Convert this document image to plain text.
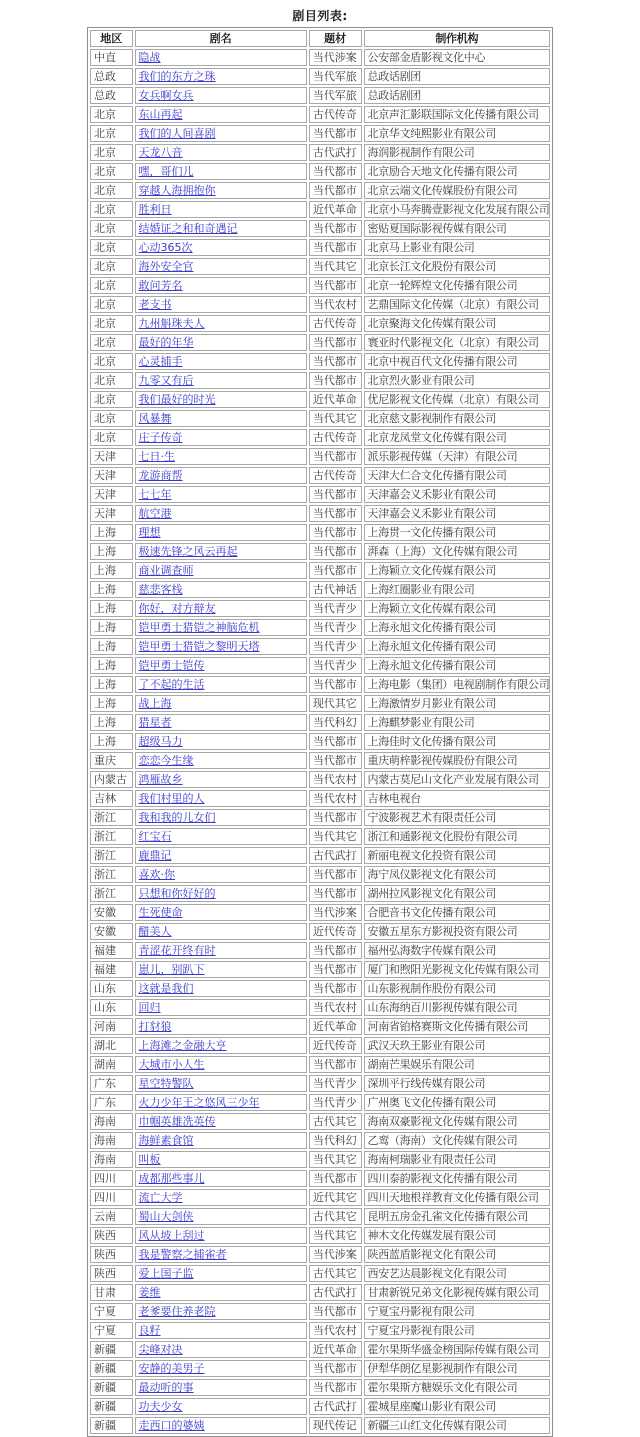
剧目列表:
地区	剧名	题材	制作机构
中直	隐战	当代涉案	公安部金盾影视文化中心
总政	我们的东方之珠	当代军旅	总政话剧团
总政	女兵啊女兵	当代军旅	总政话剧团
北京	东山再起	古代传奇	北京声汇影联国际文化传播有限公司
北京	我们的人间喜剧	当代都市	北京华文纯熙影业有限公司
北京	天龙八音	古代武打	海润影视制作有限公司
北京	嘿，哥们儿	当代都市	北京励合天地文化传播有限公司
北京	穿越人海拥抱你	当代都市	北京云端文化传媒股份有限公司
北京	胜利日	近代革命	北京小马奔腾壹影视文化发展有限公司
北京	结婚证之和和奇遇记	当代都市	密贴夏国际影视传媒有限公司
北京	心动365次	当代都市	北京马上影业有限公司
北京	海外安全官	当代其它	北京长江文化股份有限公司
北京	敢问芳名	当代都市	北京一轮辉煌文化传播有限公司
北京	老支书	当代农村	艺鼎国际文化传媒（北京）有限公司
北京	九州斛珠夫人	古代传奇	北京聚海文化传媒有限公司
北京	最好的年华	当代都市	寰亚时代影视文化（北京）有限公司
北京	心灵捕手	当代都市	北京中视百代文化传播有限公司
北京	九零又有后	当代都市	北京烈火影业有限公司
北京	我们最好的时光	近代革命	优尼影视文化传媒（北京）有限公司
北京	风暴舞	当代其它	北京慈文影视制作有限公司
北京	庄子传奇	古代传奇	北京龙凤堂文化传媒有限公司
天津	七日·生	当代都市	派乐影视传媒（天津）有限公司
天津	龙游商帮	古代传奇	天津大仁合文化传播有限公司
天津	七七年	当代都市	天津嘉会义禾影业有限公司
天津	航空港	当代都市	天津嘉会义禾影业有限公司
上海	理想	当代都市	上海贯一文化传播有限公司
上海	极速先锋之风云再起	当代都市	湃森（上海）文化传媒有限公司
上海	商业调查师	当代都市	上海颖立文化传媒有限公司
上海	慈悲客栈	古代神话	上海红圈影业有限公司
上海	你好，对方辩友	当代青少	上海颖立文化传媒有限公司
上海	铠甲勇士猎铠之神脑危机	当代青少	上海永旭文化传播有限公司
上海	铠甲勇士猎铠之黎明天塔	当代青少	上海永旭文化传播有限公司
上海	铠甲勇士铠传	当代青少	上海永旭文化传播有限公司
上海	了不起的生活	当代都市	上海电影（集团）电视剧制作有限公司
上海	战上海	现代其它	上海激情岁月影业有限公司
上海	猎星者	当代科幻	上海麒梦影业有限公司
上海	超级马力	当代都市	上海佳时文化传播有限公司
重庆	恋恋今生缘	当代都市	重庆萌梓影视传媒股份有限公司
内蒙古	鸿雁故乡	当代农村	内蒙古莫尼山文化产业发展有限公司
吉林	我们村里的人	当代农村	吉林电视台
浙江	我和我的儿女们	当代都市	宁波影视艺术有限责任公司
浙江	红宝石	当代其它	浙江和通影视文化股份有限公司
浙江	鹿鼎记	古代武打	新丽电视文化投资有限公司
浙江	喜欢·你	当代都市	海宁凤仪影视文化有限公司
浙江	只想和你好好的	当代都市	湖州拉风影视文化有限公司
安徽	生死使命	当代涉案	合肥音书文化传播有限公司
安徽	醋美人	近代传奇	安徽五星东方影视投资有限公司
福建	青涩花开终有时	当代都市	福州弘海数字传媒有限公司
福建	崽儿，别趴下	当代都市	厦门和煦阳光影视文化传媒有限公司
山东	这就是我们	当代都市	山东影视制作股份有限公司
山东	回归	当代农村	山东海纳百川影视传媒有限公司
河南	打豺狼	近代革命	河南省铂格赛斯文化传播有限公司
湖北	上海滩之金融大亨	近代传奇	武汉天玖王影业有限公司
湖南	大城市小人生	当代都市	湖南芒果娱乐有限公司
广东	星空特警队	当代青少	深圳平行线传媒有限公司
广东	火力少年王之悠风三少年	当代青少	广州奥飞文化传播有限公司
海南	巾帼英雄冼英传	古代其它	海南双豪影视文化传媒有限公司
海南	海鲜素食馆	当代科幻	乙鸾（海南）文化传媒有限公司
海南	叫板	当代其它	海南柯瑞影业有限责任公司
四川	成都那些事儿	当代都市	四川泰韵影视文化传播有限公司
四川	流亡大学	近代其它	四川天地根祥教育文化传播有限公司
云南	蜀山大剑侠	古代其它	昆明五房金孔雀文化传播有限公司
陕西	风从坡上刮过	当代其它	神木文化传媒发展有限公司
陕西	我是警察之捕雀者	当代涉案	陕西蓝盾影视文化有限公司
陕西	爱上国子监	古代其它	西安艺达晨影视文化有限公司
甘肃	姜维	古代武打	甘肃新锐兄弟文化影视传媒有限公司
宁夏	老爹要住养老院	当代都市	宁夏宝丹影视有限公司
宁夏	良籽	当代农村	宁夏宝丹影视有限公司
新疆	尖峰对决	近代革命	霍尔果斯华盛金榜国际传媒有限公司
新疆	安静的美男子	当代都市	伊犁华朗亿星影视制作有限公司
新疆	最动听的事	当代都市	霍尔果斯方糖娱乐文化有限公司
新疆	功夫少女	古代武打	霍城星座魔山影业有限公司
新疆	走西口的婆姨	现代传记	新疆三山红文化传媒有限公司
